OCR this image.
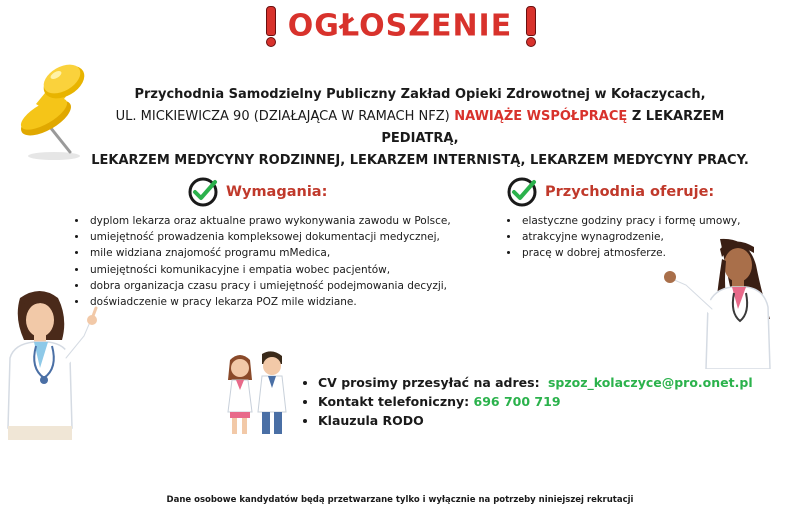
OGŁOSZENIE
Przychodnia Samodzielny Publiczny Zakład Opieki Zdrowotnej w Kołaczycach,
UL. MICKIEWICZA 90 (DZIAŁAJĄCA W RAMACH NFZ) NAWIĄŻE WSPÓŁPRACĘ Z LEKARZEM PEDIATRĄ,
LEKARZEM MEDYCYNY RODZINNEJ, LEKARZEM INTERNISTĄ, LEKARZEM MEDYCYNY PRACY.
Wymagania:
• dyplom lekarza oraz aktualne prawo wykonywania zawodu w Polsce,
• umiejętność prowadzenia kompleksowej dokumentacji medycznej,
• mile widziana znajomość programu mMedica,
• umiejętności komunikacyjne i empatia wobec pacjentów,
• dobra organizacja czasu pracy i umiejętność podejmowania decyzji,
• doświadczenie w pracy lekarza POZ mile widziane.
Przychodnia oferuje:
• elastyczne godziny pracy i formę umowy,
• atrakcyjne wynagrodzenie,
• pracę w dobrej atmosferze.
• CV prosimy przesyłać na adres: spzoz_kolaczyce@pro.onet.pl
• Kontakt telefoniczny: 696 700 719
• Klauzula RODO
Dane osobowe kandydatów będą przetwarzane tylko i wyłącznie na potrzeby niniejszej rekrutacji
